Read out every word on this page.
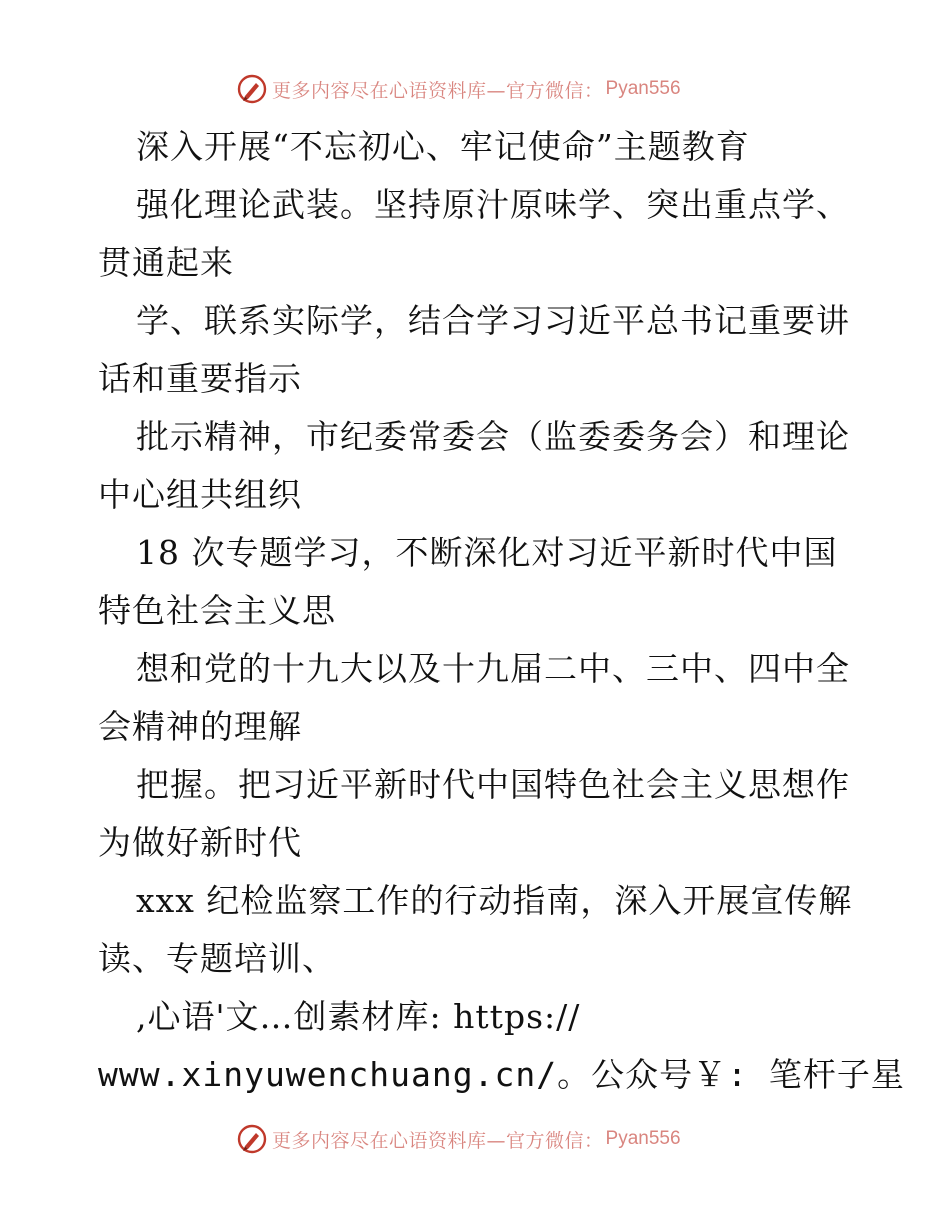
更多内容尽在心语资料库—官方微信： Pyan556
深入开展“不忘初心、牢记使命”主题教育
强化理论武装。坚持原汁原味学、突出重点学、
贯通起来
学、联系实际学，结合学习习近平总书记重要讲
话和重要指示
批示精神，市纪委常委会（监委委务会）和理论
中心组共组织
18 次专题学习，不断深化对习近平新时代中国
特色社会主义思
想和党的十九大以及十九届二中、三中、四中全
会精神的理解
把握。把习近平新时代中国特色社会主义思想作
为做好新时代
xxx 纪检监察工作的行动指南，深入开展宣传解
读、专题培训、
,心语'文…创素材库: https://
www.xinyuwenchuang.cn/。公众号￥: 笔杆子星
更多内容尽在心语资料库—官方微信： Pyan556
